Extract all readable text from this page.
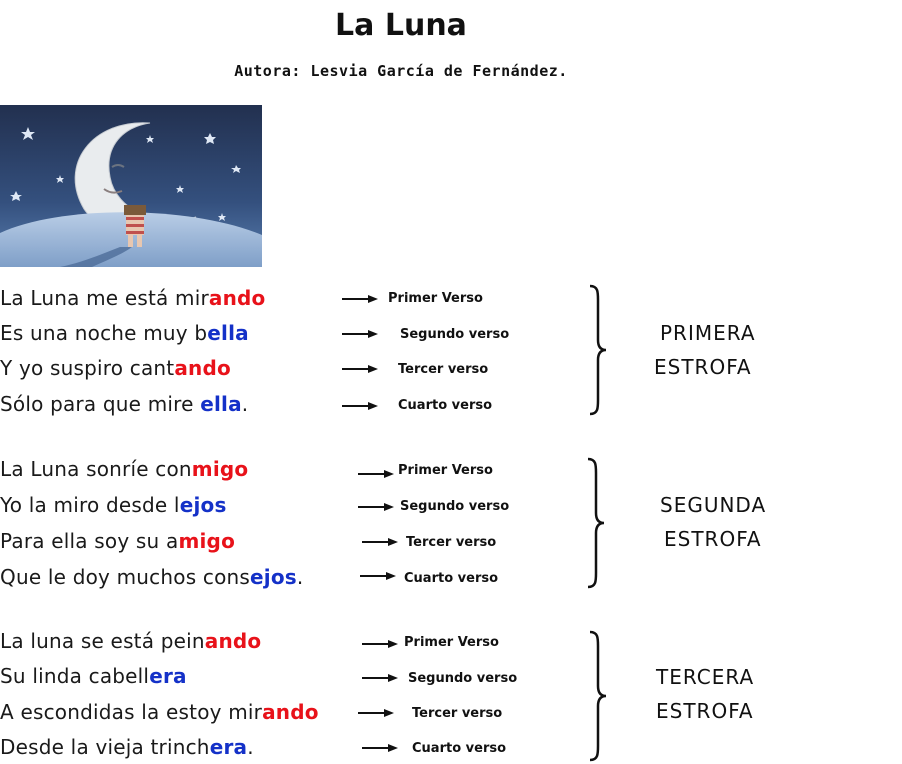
La Luna
Autora: Lesvia García de Fernández.
La Luna me está mirando
Es una noche muy bella
Y yo suspiro cantando
Sólo para que mire ella.
Primer Verso
Segundo verso
Tercer verso
Cuarto verso
PRIMERA
ESTROFA
La Luna sonríe conmigo
Yo la miro desde lejos
Para ella soy su amigo
Que le doy muchos consejos.
Primer Verso
Segundo verso
Tercer verso
Cuarto verso
SEGUNDA
ESTROFA
La luna se está peinando
Su linda cabellera
A escondidas la estoy mirando
Desde la vieja trinchera.
Primer Verso
Segundo verso
Tercer verso
Cuarto verso
TERCERA
ESTROFA
